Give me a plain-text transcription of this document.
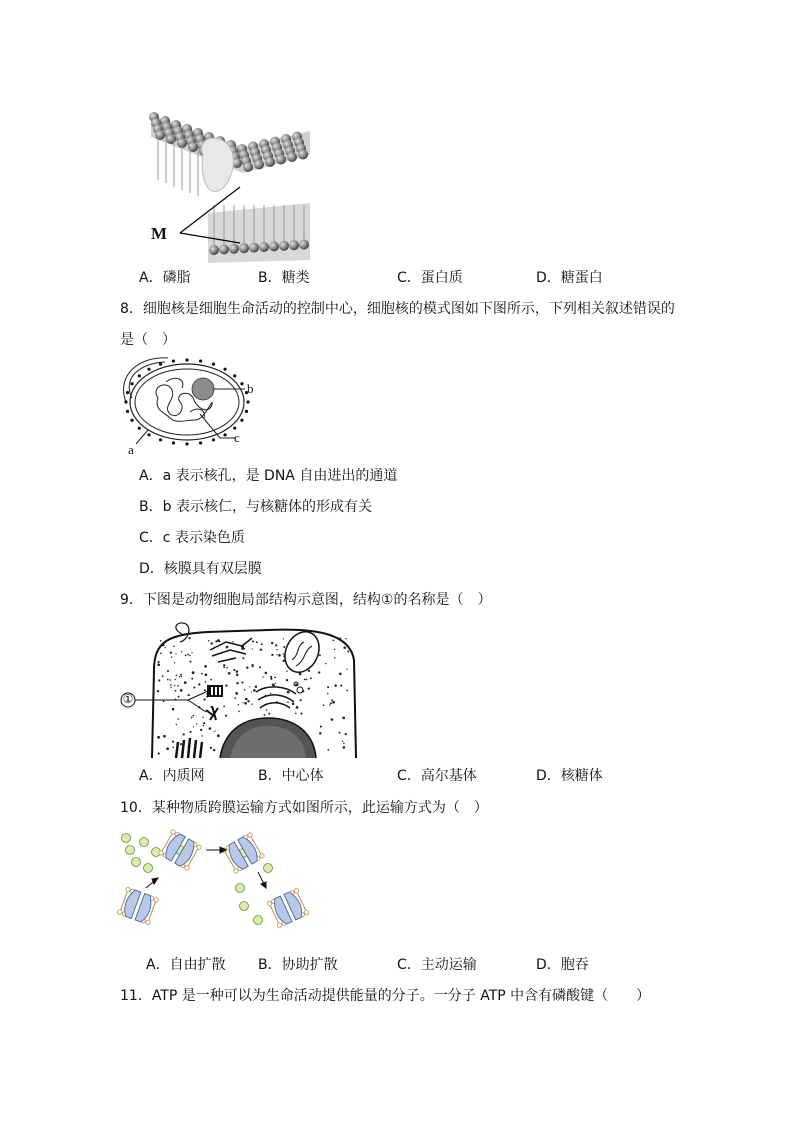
M
A．磷脂	B．糖类	C．蛋白质	D．糖蛋白
8．细胞核是细胞生命活动的控制中心，细胞核的模式图如下图所示，下列相关叙述错误的
是（　）
b
c
a
A．a 表示核孔，是 DNA 自由进出的通道
B．b 表示核仁，与核糖体的形成有关
C．c 表示染色质
D．核膜具有双层膜
9．下图是动物细胞局部结构示意图，结构①的名称是（　）
①
A．内质网	B．中心体	C．高尔基体	D．核糖体
10．某种物质跨膜运输方式如图所示，此运输方式为（　）
A．自由扩散 B．协助扩散	C．主动运输	D．胞吞
11．ATP 是一种可以为生命活动提供能量的分子。一分子 ATP 中含有磷酸键（　　）
